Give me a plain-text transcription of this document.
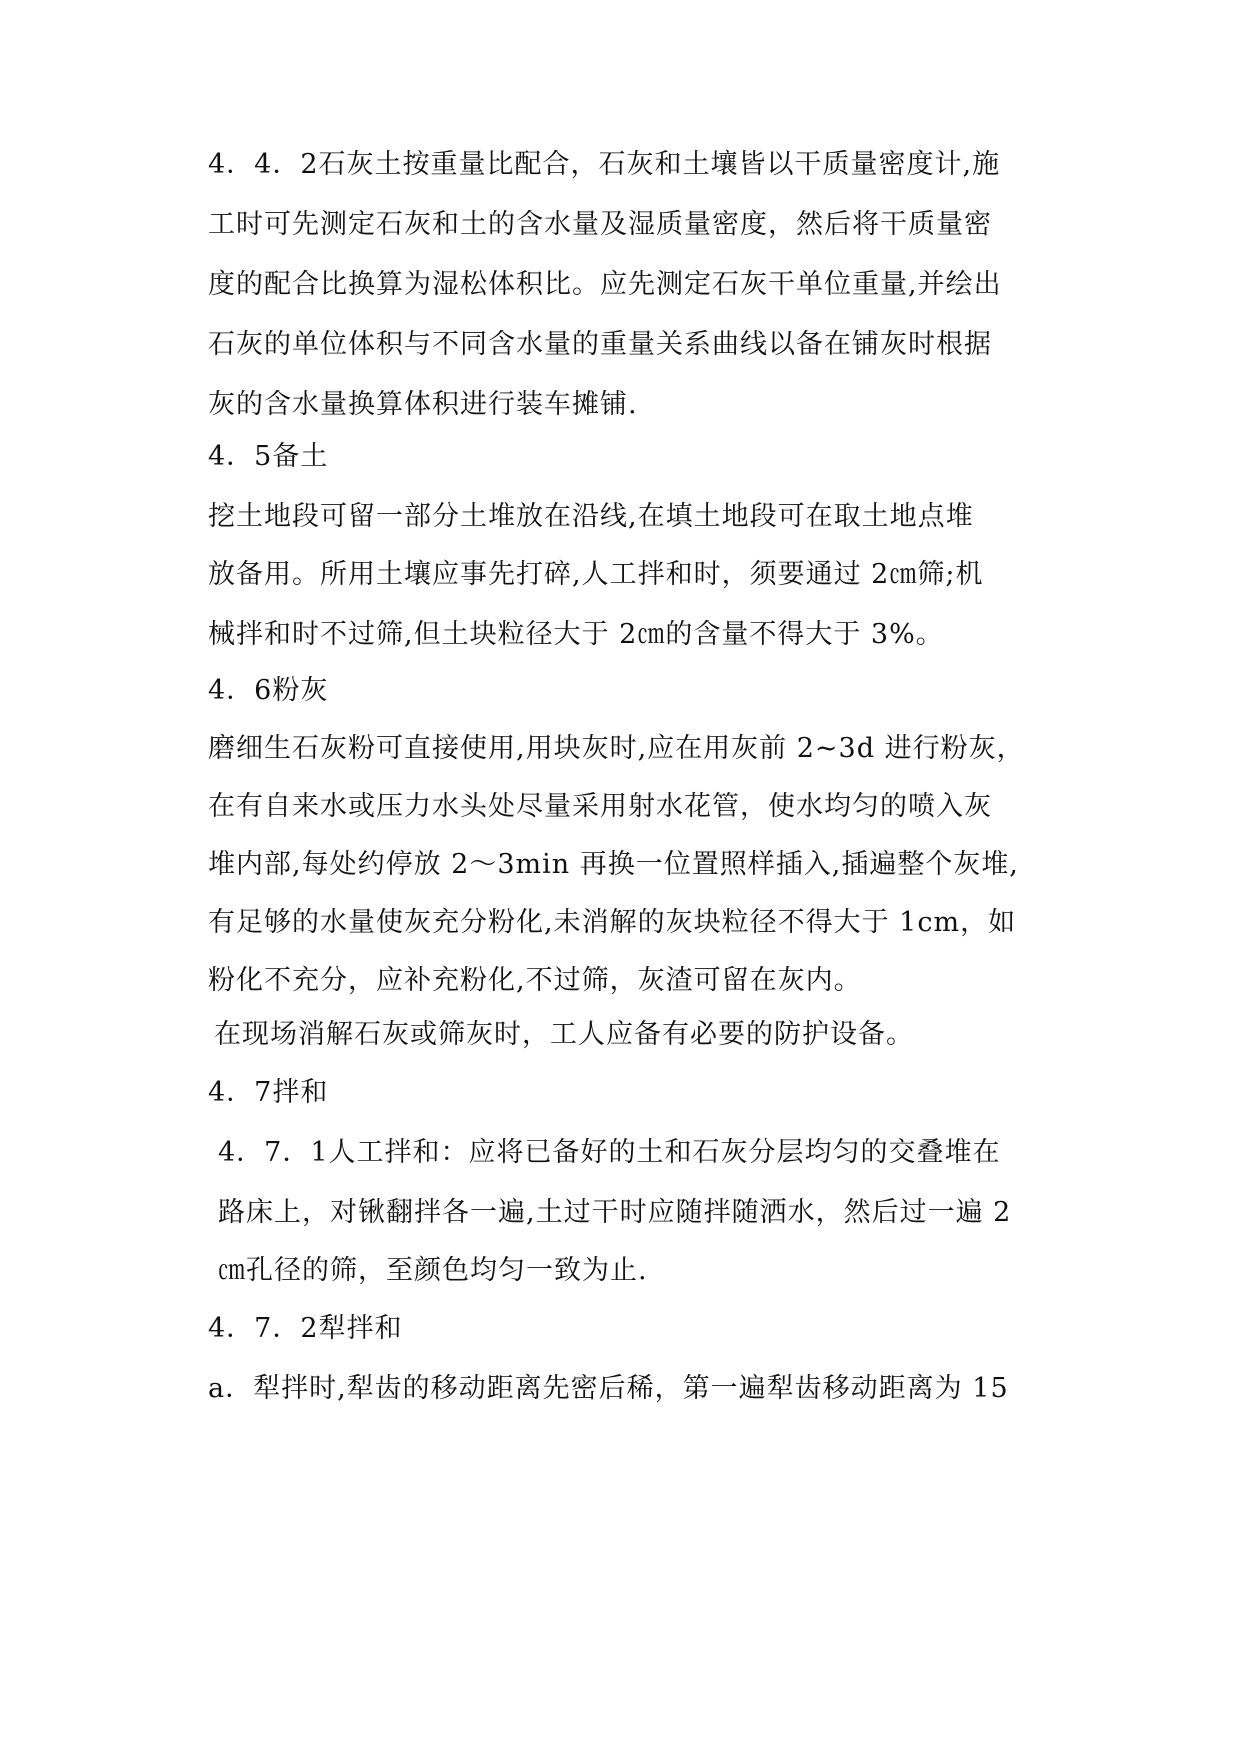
4．4．2石灰土按重量比配合，石灰和土壤皆以干质量密度计,施
工时可先测定石灰和土的含水量及湿质量密度，然后将干质量密
度的配合比换算为湿松体积比。应先测定石灰干单位重量,并绘出
石灰的单位体积与不同含水量的重量关系曲线以备在铺灰时根据
灰的含水量换算体积进行装车摊铺.
4．5备土
挖土地段可留一部分土堆放在沿线,在填土地段可在取土地点堆
放备用。所用土壤应事先打碎,人工拌和时，须要通过 2㎝筛;机
械拌和时不过筛,但土块粒径大于 2㎝的含量不得大于 3%。
4．6粉灰
磨细生石灰粉可直接使用,用块灰时,应在用灰前 2~3d 进行粉灰，
在有自来水或压力水头处尽量采用射水花管，使水均匀的喷入灰
堆内部,每处约停放 2～3min 再换一位置照样插入,插遍整个灰堆,
有足够的水量使灰充分粉化,未消解的灰块粒径不得大于 1cm，如
粉化不充分，应补充粉化,不过筛，灰渣可留在灰内。
在现场消解石灰或筛灰时，工人应备有必要的防护设备。
4．7拌和
4．7．1人工拌和：应将已备好的土和石灰分层均匀的交叠堆在
路床上，对锹翻拌各一遍,土过干时应随拌随洒水，然后过一遍 2
㎝孔径的筛，至颜色均匀一致为止.
4．7．2犁拌和
a．犁拌时,犁齿的移动距离先密后稀，第一遍犁齿移动距离为 15
